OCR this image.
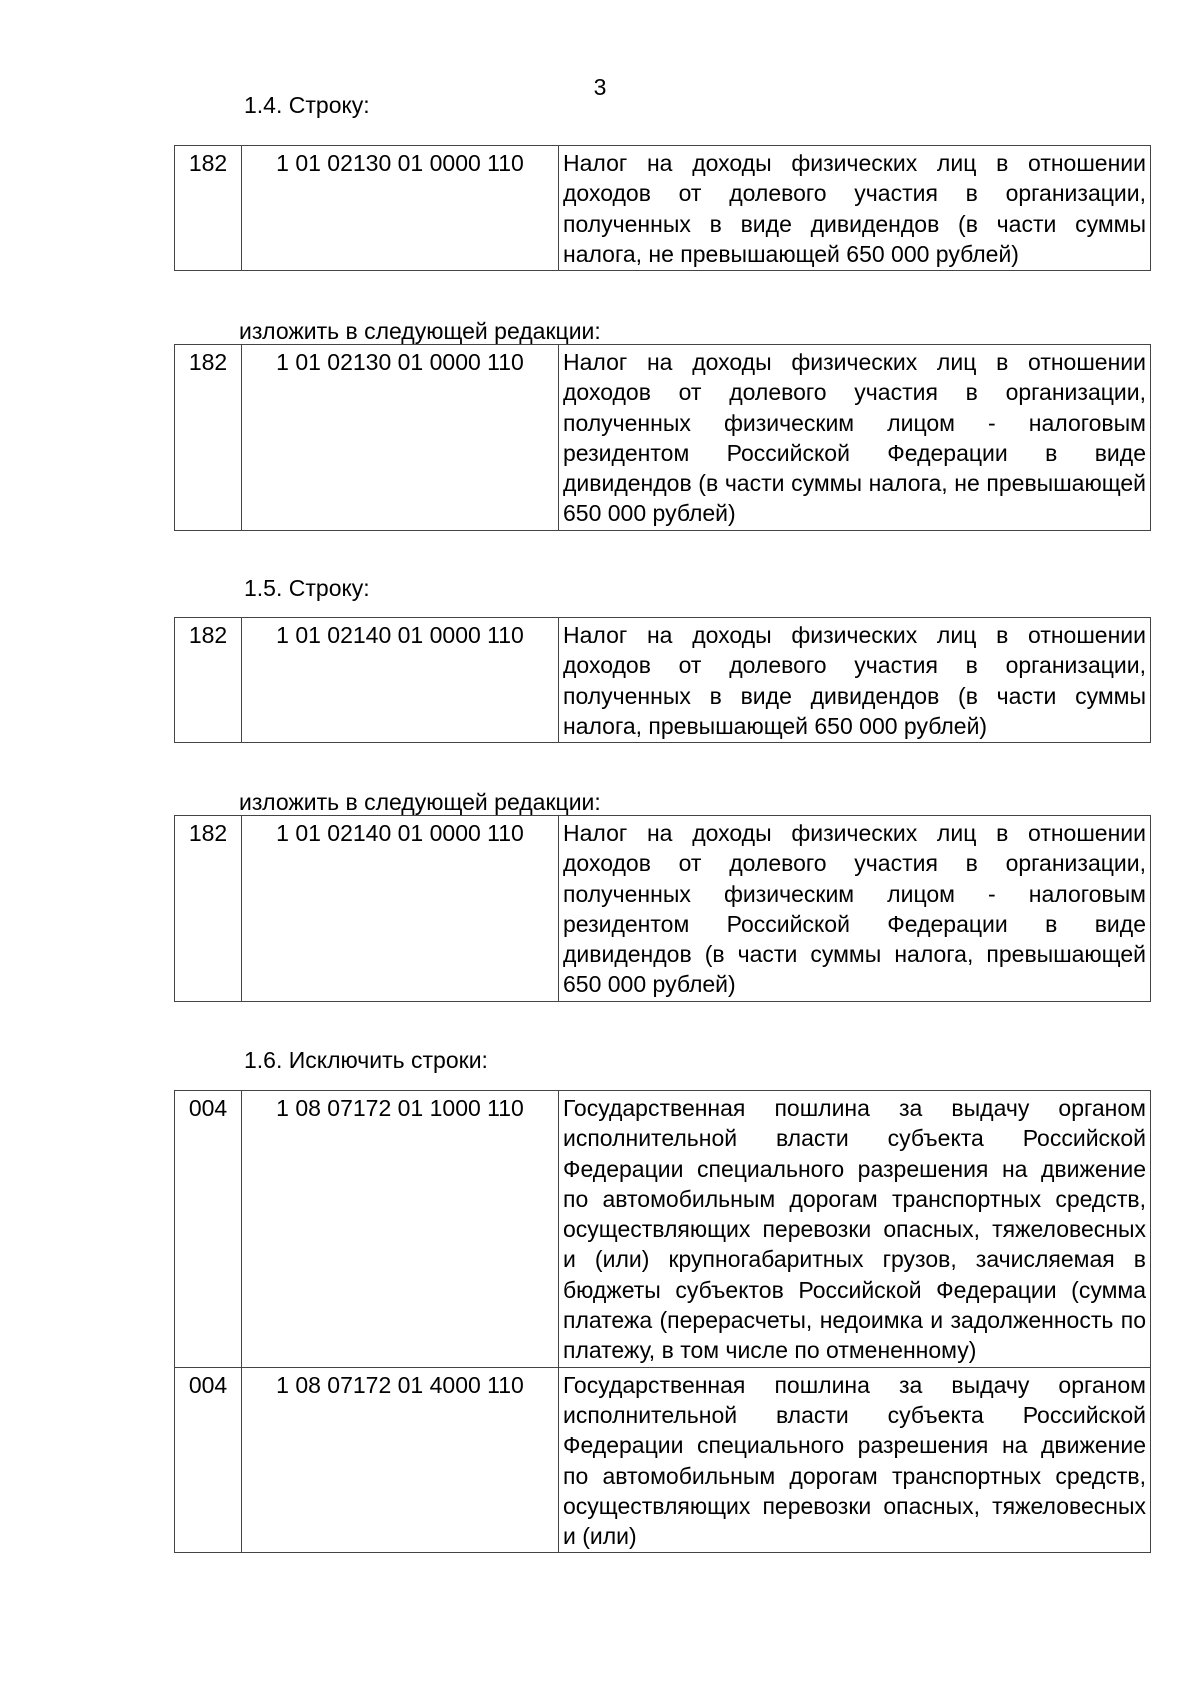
3
1.4. Строку:
182	1 01 02130 01 0000 110	Налог на доходы физических лиц в отношении доходов от долевого участия в организации, полученных в виде дивидендов (в части суммы налога, не превышающей 650 000 рублей)
изложить в следующей редакции:
182	1 01 02130 01 0000 110	Налог на доходы физических лиц в отношении доходов от долевого участия в организации, полученных физическим лицом - налоговым резидентом Российской Федерации в виде дивидендов (в части суммы налога, не превышающей 650 000 рублей)
1.5. Строку:
182	1 01 02140 01 0000 110	Налог на доходы физических лиц в отношении доходов от долевого участия в организации, полученных в виде дивидендов (в части суммы налога, превышающей 650 000 рублей)
изложить в следующей редакции:
182	1 01 02140 01 0000 110	Налог на доходы физических лиц в отношении доходов от долевого участия в организации, полученных физическим лицом - налоговым резидентом Российской Федерации в виде дивидендов (в части суммы налога, превышающей 650 000 рублей)
1.6. Исключить строки:
004	1 08 07172 01 1000 110	Государственная пошлина за выдачу органом исполнительной власти субъекта Российской Федерации специального разрешения на движение по автомобильным дорогам транспортных средств, осуществляющих перевозки опасных, тяжеловесных и (или) крупногабаритных грузов, зачисляемая в бюджеты субъектов Российской Федерации (сумма платежа (перерасчеты, недоимка и задолженность по платежу, в том числе по отмененному)
004	1 08 07172 01 4000 110	Государственная пошлина за выдачу органом исполнительной власти субъекта Российской Федерации специального разрешения на движение по автомобильным дорогам транспортных средств, осуществляющих перевозки опасных, тяжеловесных и (или)
